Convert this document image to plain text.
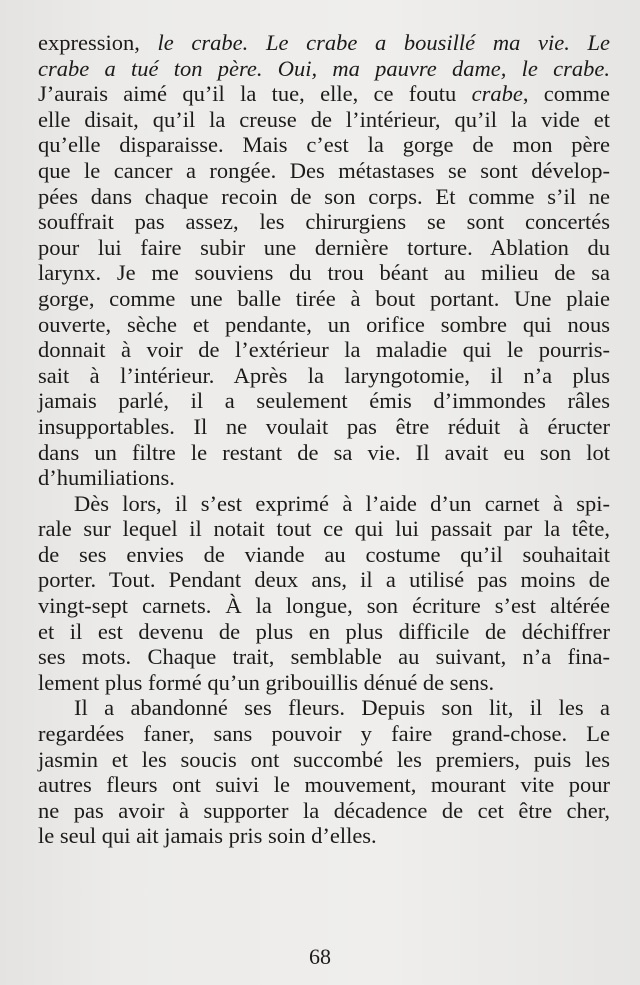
expression, le crabe. Le crabe a bousillé ma vie. Le
crabe a tué ton père. Oui, ma pauvre dame, le crabe.
J’aurais aimé qu’il la tue, elle, ce foutu crabe, comme
elle disait, qu’il la creuse de l’intérieur, qu’il la vide et
qu’elle disparaisse. Mais c’est la gorge de mon père
que le cancer a rongée. Des métastases se sont dévelop-
pées dans chaque recoin de son corps. Et comme s’il ne
souffrait pas assez, les chirurgiens se sont concertés
pour lui faire subir une dernière torture. Ablation du
larynx. Je me souviens du trou béant au milieu de sa
gorge, comme une balle tirée à bout portant. Une plaie
ouverte, sèche et pendante, un orifice sombre qui nous
donnait à voir de l’extérieur la maladie qui le pourris-
sait à l’intérieur. Après la laryngotomie, il n’a plus
jamais parlé, il a seulement émis d’immondes râles
insupportables. Il ne voulait pas être réduit à éructer
dans un filtre le restant de sa vie. Il avait eu son lot
d’humiliations.
Dès lors, il s’est exprimé à l’aide d’un carnet à spi-
rale sur lequel il notait tout ce qui lui passait par la tête,
de ses envies de viande au costume qu’il souhaitait
porter. Tout. Pendant deux ans, il a utilisé pas moins de
vingt-sept carnets. À la longue, son écriture s’est altérée
et il est devenu de plus en plus difficile de déchiffrer
ses mots. Chaque trait, semblable au suivant, n’a fina-
lement plus formé qu’un gribouillis dénué de sens.
Il a abandonné ses fleurs. Depuis son lit, il les a
regardées faner, sans pouvoir y faire grand-chose. Le
jasmin et les soucis ont succombé les premiers, puis les
autres fleurs ont suivi le mouvement, mourant vite pour
ne pas avoir à supporter la décadence de cet être cher,
le seul qui ait jamais pris soin d’elles.
68
